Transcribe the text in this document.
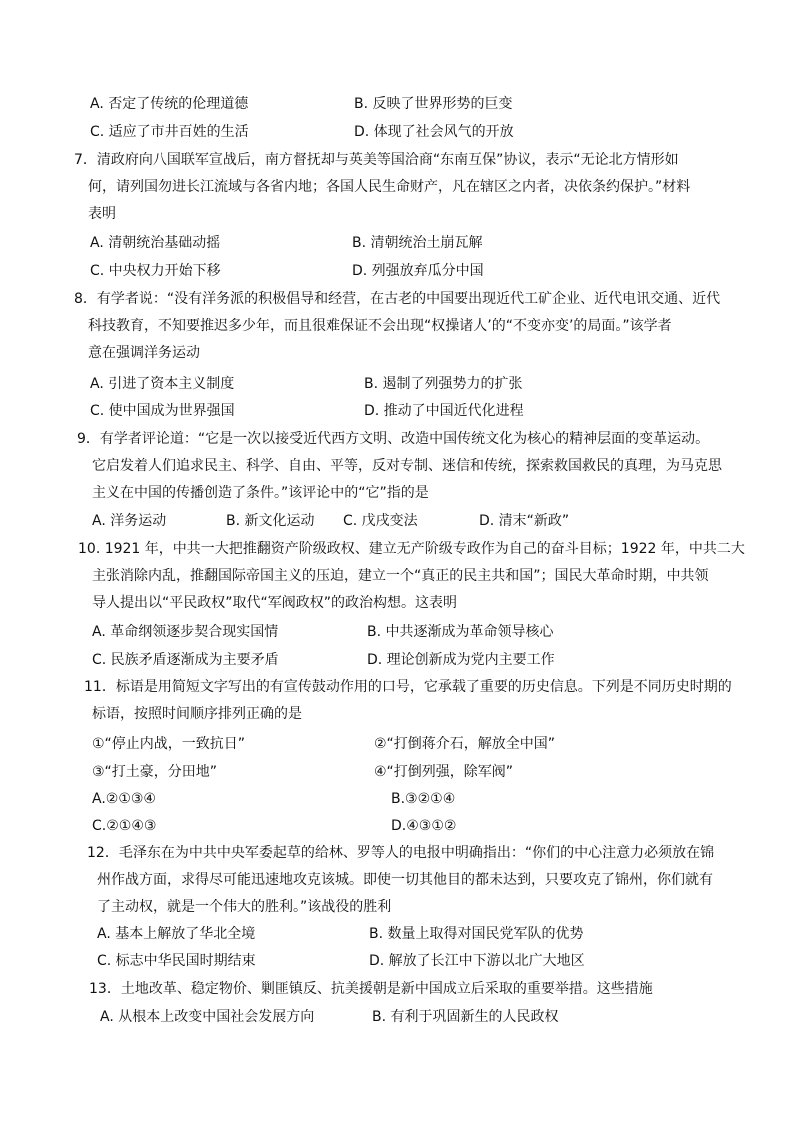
A. 否定了传统的伦理道德	B. 反映了世界形势的巨变
C. 适应了市井百姓的生活	D. 体现了社会风气的开放
7．清政府向八国联军宣战后，南方督抚却与英美等国洽商“东南互保”协议，表示“无论北方情形如
何，请列国勿进长江流域与各省内地；各国人民生命财产，凡在辖区之内者，决依条约保护。”材料
表明
A. 清朝统治基础动摇	B. 清朝统治土崩瓦解
C. 中央权力开始下移	D. 列强放弃瓜分中国
8．有学者说：“没有洋务派的积极倡导和经营，在古老的中国要出现近代工矿企业、近代电讯交通、近代
科技教育，不知要推迟多少年，而且很难保证不会出现“权操诸人’的“不变亦变’的局面。”该学者
意在强调洋务运动
A. 引进了资本主义制度	B. 遏制了列强势力的扩张
C. 使中国成为世界强国	D. 推动了中国近代化进程
9．有学者评论道：“它是一次以接受近代西方文明、改造中国传统文化为核心的精神层面的变革运动。
它启发着人们追求民主、科学、自由、平等，反对专制、迷信和传统，探索救国救民的真理，为马克思
主义在中国的传播创造了条件。”该评论中的“它”指的是
A. 洋务运动	B. 新文化运动 C. 戊戌变法	D. 清末“新政”
10. 1921 年，中共一大把推翻资产阶级政权、建立无产阶级专政作为自己的奋斗目标；1922 年，中共二大
主张消除内乱，推翻国际帝国主义的压迫，建立一个“真正的民主共和国”；国民大革命时期，中共领
导人提出以“平民政权”取代“军阀政权”的政治构想。这表明
A. 革命纲领逐步契合现实国情	B. 中共逐渐成为革命领导核心
C. 民族矛盾逐渐成为主要矛盾	D. 理论创新成为党内主要工作
11．标语是用简短文字写出的有宣传鼓动作用的口号，它承载了重要的历史信息。下列是不同历史时期的
标语，按照时间顺序排列正确的是
①“停止内战，一致抗日”	②“打倒蒋介石，解放全中国”
③“打土豪，分田地”	④“打倒列强，除军阀”
A.②①③④	B.③②①④
C.②①④③	D.④③①②
12．毛泽东在为中共中央军委起草的给林、罗等人的电报中明确指出：“你们的中心注意力必须放在锦
州作战方面，求得尽可能迅速地攻克该城。即使一切其他目的都未达到，只要攻克了锦州，你们就有
了主动权，就是一个伟大的胜利。”该战役的胜利
A. 基本上解放了华北全境	B. 数量上取得对国民党军队的优势
C. 标志中华民国时期结束	D. 解放了长江中下游以北广大地区
13．土地改革、稳定物价、剿匪镇反、抗美援朝是新中国成立后采取的重要举措。这些措施
A. 从根本上改变中国社会发展方向	B. 有利于巩固新生的人民政权
